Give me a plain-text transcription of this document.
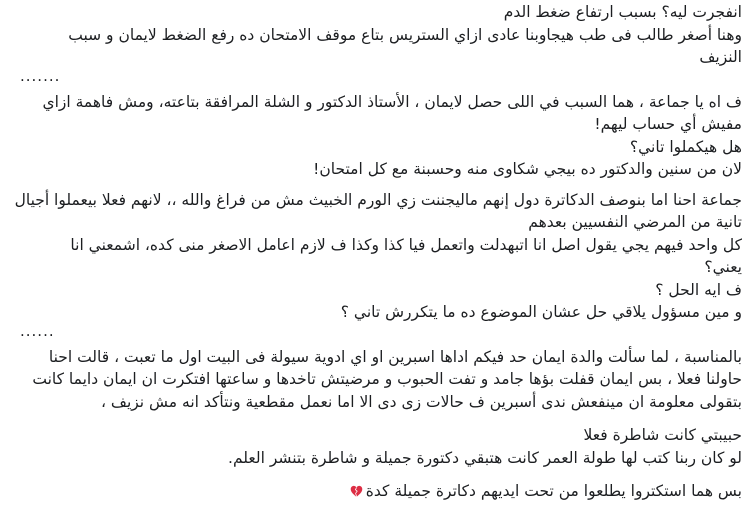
انفجرت ليه؟ بسبب ارتفاع ضغط الدم
وهنا أصغر طالب فى طب هيجاوبنا عادى ازاي الستريس بتاع موقف الامتحان ده رفع الضغط لايمان و سبب
النزيف
.......
ف اه يا جماعة ، هما السبب في اللى حصل لايمان ، الأستاذ الدكتور و الشلة المرافقة بتاعته، ومش فاهمة ازاي
مفيش أي حساب ليهم!
هل هيكملوا تاني؟
لان من سنين والدكتور ده بيجي شكاوى منه وحسبنة مع كل امتحان!
جماعة احنا اما بنوصف الدكاترة دول إنهم ماليجننت زي الورم الخبيث مش من فراغ والله ،، لانهم فعلا بيعملوا أجيال
تانية من المرضي النفسيين بعدهم
كل واحد فيهم يجي يقول اصل انا اتبهدلت واتعمل فيا كذا وكذا ف لازم اعامل الاصغر منى كده، اشمعني انا
يعني؟
ف ايه الحل ؟
و مين مسؤول يلاقي حل عشان الموضوع ده ما يتكررش تاني ؟
......
بالمناسبة ، لما سألت والدة ايمان حد فيكم اداها اسبرين او اي ادوية سيولة فى البيت اول ما تعبت ، قالت احنا
حاولنا فعلا ، بس ايمان قفلت بؤها جامد و تفت الحبوب و مرضيتش تاخدها و ساعتها افتكرت ان ايمان دايما كانت
بتقولى معلومة ان مينفعش ندى أسبرين ف حالات زى دى الا اما نعمل مقطعية ونتأكد انه مش نزيف ،
حبيبتي كانت شاطرة فعلا
لو كان ربنا كتب لها طولة العمر كانت هتبقي دكتورة جميلة و شاطرة بتنشر العلم.
بس هما استكتروا يطلعوا من تحت ايديهم دكاترة جميلة كدة
